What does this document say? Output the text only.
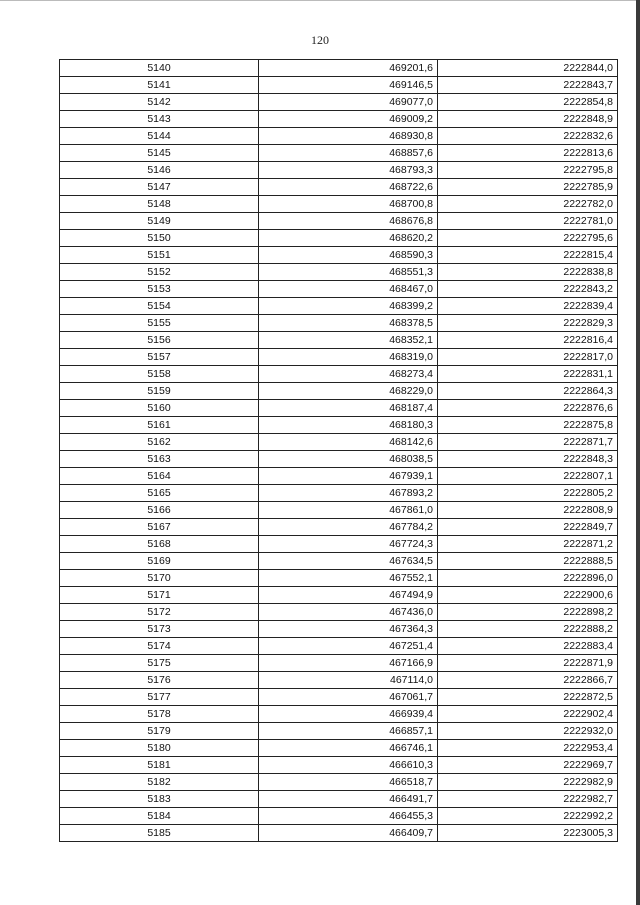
120
5140	469201,6	2222844,0
5141	469146,5	2222843,7
5142	469077,0	2222854,8
5143	469009,2	2222848,9
5144	468930,8	2222832,6
5145	468857,6	2222813,6
5146	468793,3	2222795,8
5147	468722,6	2222785,9
5148	468700,8	2222782,0
5149	468676,8	2222781,0
5150	468620,2	2222795,6
5151	468590,3	2222815,4
5152	468551,3	2222838,8
5153	468467,0	2222843,2
5154	468399,2	2222839,4
5155	468378,5	2222829,3
5156	468352,1	2222816,4
5157	468319,0	2222817,0
5158	468273,4	2222831,1
5159	468229,0	2222864,3
5160	468187,4	2222876,6
5161	468180,3	2222875,8
5162	468142,6	2222871,7
5163	468038,5	2222848,3
5164	467939,1	2222807,1
5165	467893,2	2222805,2
5166	467861,0	2222808,9
5167	467784,2	2222849,7
5168	467724,3	2222871,2
5169	467634,5	2222888,5
5170	467552,1	2222896,0
5171	467494,9	2222900,6
5172	467436,0	2222898,2
5173	467364,3	2222888,2
5174	467251,4	2222883,4
5175	467166,9	2222871,9
5176	467114,0	2222866,7
5177	467061,7	2222872,5
5178	466939,4	2222902,4
5179	466857,1	2222932,0
5180	466746,1	2222953,4
5181	466610,3	2222969,7
5182	466518,7	2222982,9
5183	466491,7	2222982,7
5184	466455,3	2222992,2
5185	466409,7	2223005,3
